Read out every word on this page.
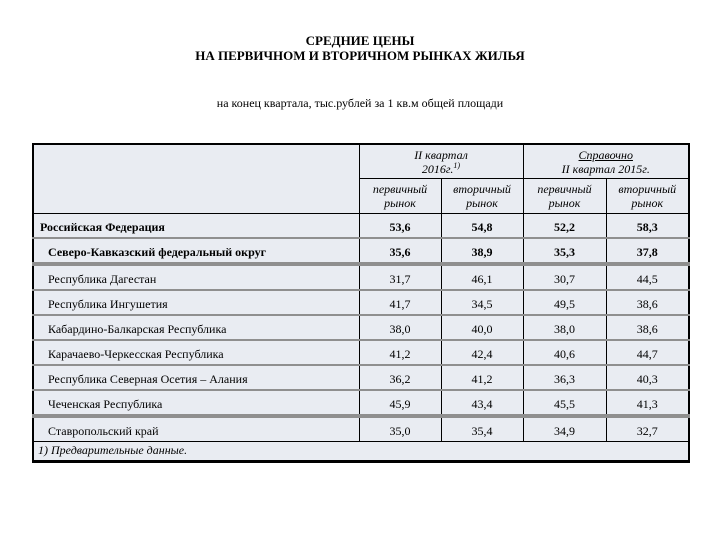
СРЕДНИЕ ЦЕНЫ
НА ПЕРВИЧНОМ И ВТОРИЧНОМ РЫНКАХ ЖИЛЬЯ
на конец квартала, тыс.рублей за 1 кв.м общей площади

II квартал
2016г.$^{1)}$

Справочно
II квартал 2015г.

	первичный рынок	вторичный рынок	первичный рынок	вторичный рынок
Российская Федерация	53,6	54,8	52,2	58,3
Северо-Кавказский федеральный округ	35,6	38,9	35,3	37,8
Республика Дагестан	31,7	46,1	30,7	44,5
Республика Ингушетия	41,7	34,5	49,5	38,6
Кабардино-Балкарская Республика	38,0	40,0	38,0	38,6
Карачаево-Черкесская Республика	41,2	42,4	40,6	44,7
Республика Северная Осетия – Алания	36,2	41,2	36,3	40,3
Чеченская Республика	45,9	43,4	45,5	41,3
Ставропольский край	35,0	35,4	34,9	32,7
1) Предварительные данные.				
